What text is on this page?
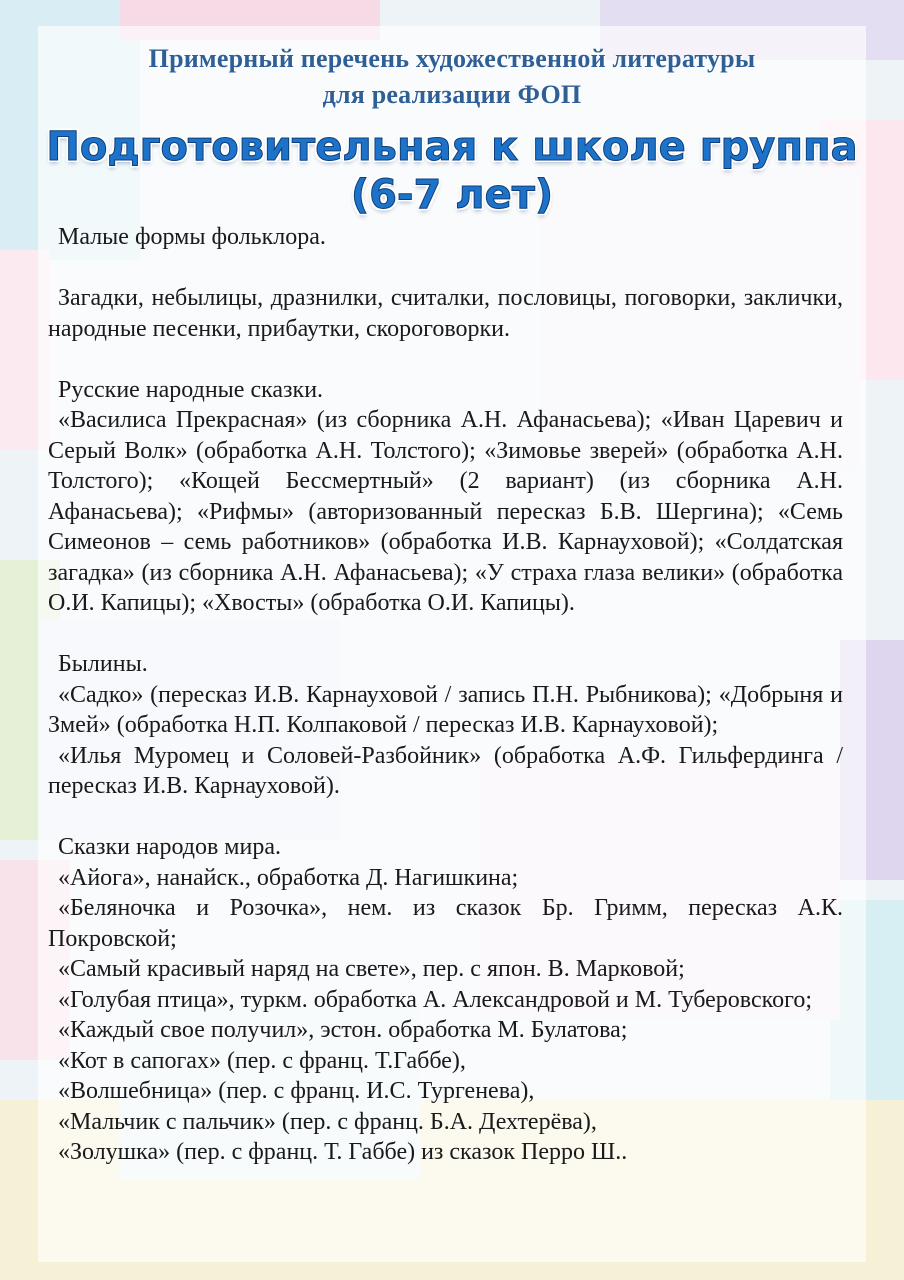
Примерный перечень художественной литературы
для реализации ФОП
Подготовительная к школе группа
(6-7 лет)

Малые формы фольклора.

Загадки, небылицы, дразнилки, считалки, пословицы, поговорки, заклички, народные песенки, прибаутки, скороговорки.

Русские народные сказки.

«Василиса Прекрасная» (из сборника А.Н. Афанасьева); «Иван Царевич и Серый Волк» (обработка А.Н. Толстого); «Зимовье зверей» (обработка А.Н. Толстого); «Кощей Бессмертный» (2 вариант) (из сборника А.Н. Афанасьева); «Рифмы» (авторизованный пересказ Б.В. Шергина); «Семь Симеонов – семь работников» (обработка И.В. Карнауховой); «Солдатская загадка» (из сборника А.Н. Афанасьева); «У страха глаза велики» (обработка О.И. Капицы); «Хвосты» (обработка О.И. Капицы).

Былины.

«Садко» (пересказ И.В. Карнауховой / запись П.Н. Рыбникова); «Добрыня и Змей» (обработка Н.П. Колпаковой / пересказ И.В. Карнауховой);

«Илья Муромец и Соловей-Разбойник» (обработка А.Ф. Гильфердинга / пересказ И.В. Карнауховой).

Сказки народов мира.

«Айога», нанайск., обработка Д. Нагишкина;

«Беляночка и Розочка», нем. из сказок Бр. Гримм, пересказ А.К. Покровской;

«Самый красивый наряд на свете», пер. с япон. В. Марковой;

«Голубая птица», туркм. обработка А. Александровой и М. Туберовского;

«Каждый свое получил», эстон. обработка М. Булатова;

«Кот в сапогах» (пер. с франц. Т.Габбе),

«Волшебница» (пер. с франц. И.С. Тургенева),

«Мальчик с пальчик» (пер. с франц. Б.А. Дехтерёва),

«Золушка» (пер. с франц. Т. Габбе) из сказок Перро Ш..
